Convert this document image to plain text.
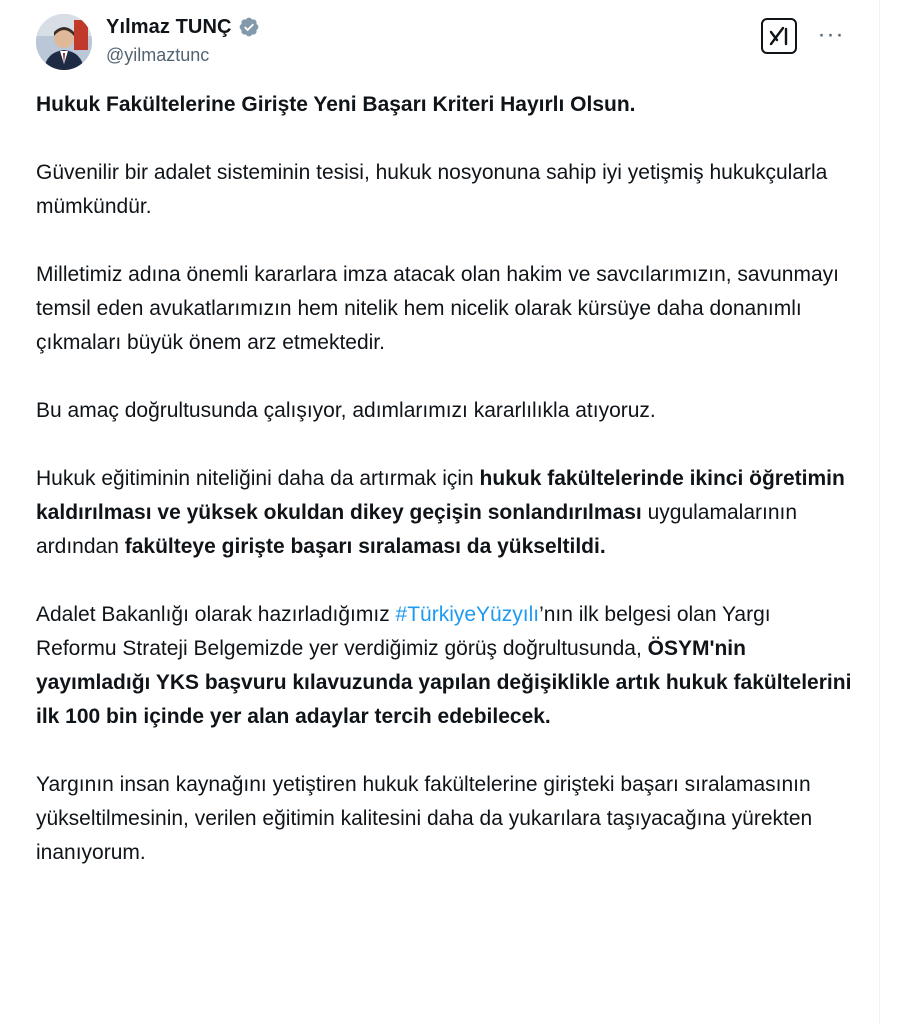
Yılmaz TUNÇ
@yilmaztunc
···

Hukuk Fakültelerine Girişte Yeni Başarı Kriteri Hayırlı Olsun.

Güvenilir bir adalet sisteminin tesisi, hukuk nosyonuna sahip iyi yetişmiş hukukçularla mümkündür.

Milletimiz adına önemli kararlara imza atacak olan hakim ve savcılarımızın, savunmayı temsil eden avukatlarımızın hem nitelik hem nicelik olarak kürsüye daha donanımlı çıkmaları büyük önem arz etmektedir.

Bu amaç doğrultusunda çalışıyor, adımlarımızı kararlılıkla atıyoruz.

Hukuk eğitiminin niteliğini daha da artırmak için hukuk fakültelerinde ikinci öğretimin kaldırılması ve yüksek okuldan dikey geçişin sonlandırılması uygulamalarının ardından fakülteye girişte başarı sıralaması da yükseltildi.

Adalet Bakanlığı olarak hazırladığımız #TürkiyeYüzyılı’nın ilk belgesi olan Yargı Reformu Strateji Belgemizde yer verdiğimiz görüş doğrultusunda, ÖSYM'nin yayımladığı YKS başvuru kılavuzunda yapılan değişiklikle artık hukuk fakültelerini ilk 100 bin içinde yer alan adaylar tercih edebilecek.

Yargının insan kaynağını yetiştiren hukuk fakültelerine girişteki başarı sıralamasının yükseltilmesinin, verilen eğitimin kalitesini daha da yukarılara taşıyacağına yürekten inanıyorum.
